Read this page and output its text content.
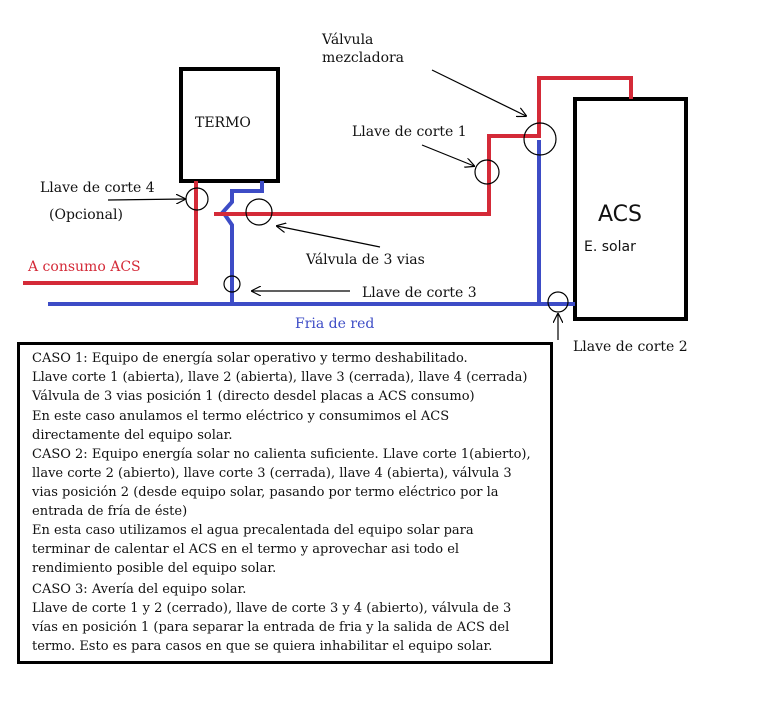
TERMO
ACS
E. solar
Válvula
mezcladora
Llave de corte 1
Llave de corte 4
(Opcional)
Válvula de 3 vias
A consumo ACS
Llave de corte 3
Fria de red
Llave de corte 2
CASO 1: Equipo de energía solar operativo y termo deshabilitado.
Llave corte 1 (abierta), llave 2 (abierta), llave 3 (cerrada), llave 4 (cerrada)
Válvula de 3 vias posición 1 (directo desdel placas a ACS consumo)
En este caso anulamos el termo eléctrico y consumimos el ACS
directamente del equipo solar.
CASO 2: Equipo energía solar no calienta suficiente. Llave corte 1(abierto),
llave corte 2 (abierto), llave corte 3 (cerrada), llave 4 (abierta), válvula 3
vias posición 2 (desde equipo solar, pasando por termo eléctrico por la
entrada de fría de éste)
En esta caso utilizamos el agua precalentada del equipo solar para
terminar de calentar el ACS en el termo y aprovechar asi todo el
rendimiento posible del equipo solar.
CASO 3: Avería del equipo solar.
Llave de corte 1 y 2 (cerrado), llave de corte 3 y 4 (abierto), válvula de 3
vías en posición 1 (para separar la entrada de fria y la salida de ACS del
termo. Esto es para casos en que se quiera inhabilitar el equipo solar.
